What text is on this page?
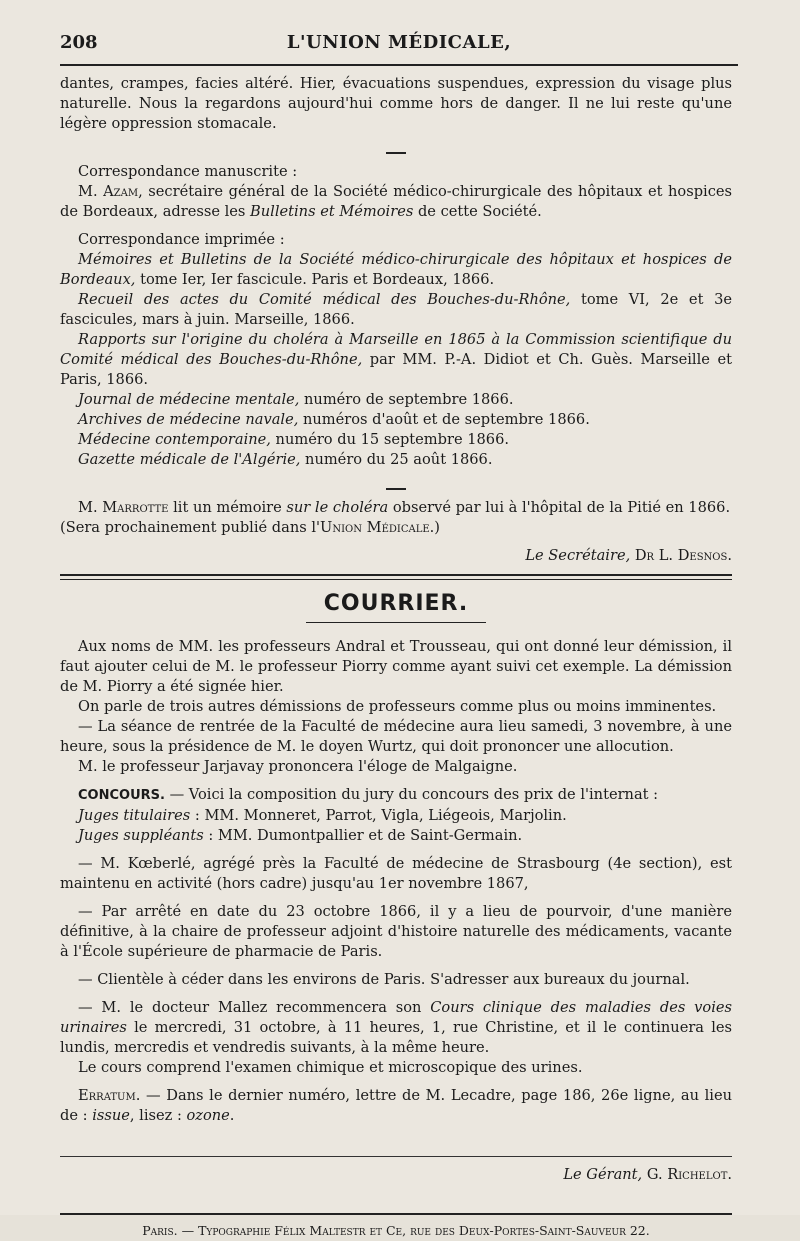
208	L'UNION MÉDICALE,

dantes, crampes, facies altéré. Hier, évacuations suspendues, expression du visage plus naturelle. Nous la regardons aujourd'hui comme hors de danger. Il ne lui reste qu'une légère oppression stomacale.

Correspondance manuscrite :

M. Azam, secrétaire général de la Société médico-chirurgicale des hôpitaux et hospices de Bordeaux, adresse les Bulletins et Mémoires de cette Société.

Correspondance imprimée :

Mémoires et Bulletins de la Société médico-chirurgicale des hôpitaux et hospices de Bordeaux, tome Ier, Ier fascicule. Paris et Bordeaux, 1866.

Recueil des actes du Comité médical des Bouches-du-Rhône, tome VI, 2e et 3e fascicules, mars à juin. Marseille, 1866.

Rapports sur l'origine du choléra à Marseille en 1865 à la Commission scientifique du Comité médical des Bouches-du-Rhône, par MM. P.-A. Didiot et Ch. Guès. Marseille et Paris, 1866.

Journal de médecine mentale, numéro de septembre 1866.

Archives de médecine navale, numéros d'août et de septembre 1866.

Médecine contemporaine, numéro du 15 septembre 1866.

Gazette médicale de l'Algérie, numéro du 25 août 1866.

M. Marrotte lit un mémoire sur le choléra observé par lui à l'hôpital de la Pitié en 1866.

(Sera prochainement publié dans l'Union Médicale.)

Le Secrétaire, Dr L. Desnos.

COURRIER.

Aux noms de MM. les professeurs Andral et Trousseau, qui ont donné leur démission, il faut ajouter celui de M. le professeur Piorry comme ayant suivi cet exemple. La démission de M. Piorry a été signée hier.

On parle de trois autres démissions de professeurs comme plus ou moins imminentes.

— La séance de rentrée de la Faculté de médecine aura lieu samedi, 3 novembre, à une heure, sous la présidence de M. le doyen Wurtz, qui doit prononcer une allocution.

M. le professeur Jarjavay prononcera l'éloge de Malgaigne.

CONCOURS. — Voici la composition du jury du concours des prix de l'internat :

Juges titulaires : MM. Monneret, Parrot, Vigla, Liégeois, Marjolin.

Juges suppléants : MM. Dumontpallier et de Saint-Germain.

— M. Kœberlé, agrégé près la Faculté de médecine de Strasbourg (4e section), est maintenu en activité (hors cadre) jusqu'au 1er novembre 1867,

— Par arrêté en date du 23 octobre 1866, il y a lieu de pourvoir, d'une manière définitive, à la chaire de professeur adjoint d'histoire naturelle des médicaments, vacante à l'École supérieure de pharmacie de Paris.

— Clientèle à céder dans les environs de Paris. S'adresser aux bureaux du journal.

— M. le docteur Mallez recommencera son Cours clinique des maladies des voies urinaires le mercredi, 31 octobre, à 11 heures, 1, rue Christine, et il le continuera les lundis, mercredis et vendredis suivants, à la même heure.

Le cours comprend l'examen chimique et microscopique des urines.

Erratum. — Dans le dernier numéro, lettre de M. Lecadre, page 186, 26e ligne, au lieu de : issue, lisez : ozone.

Le Gérant, G. Richelot.

Paris. — Typographie Félix Maltestr et Ce, rue des Deux-Portes-Saint-Sauveur 22.
